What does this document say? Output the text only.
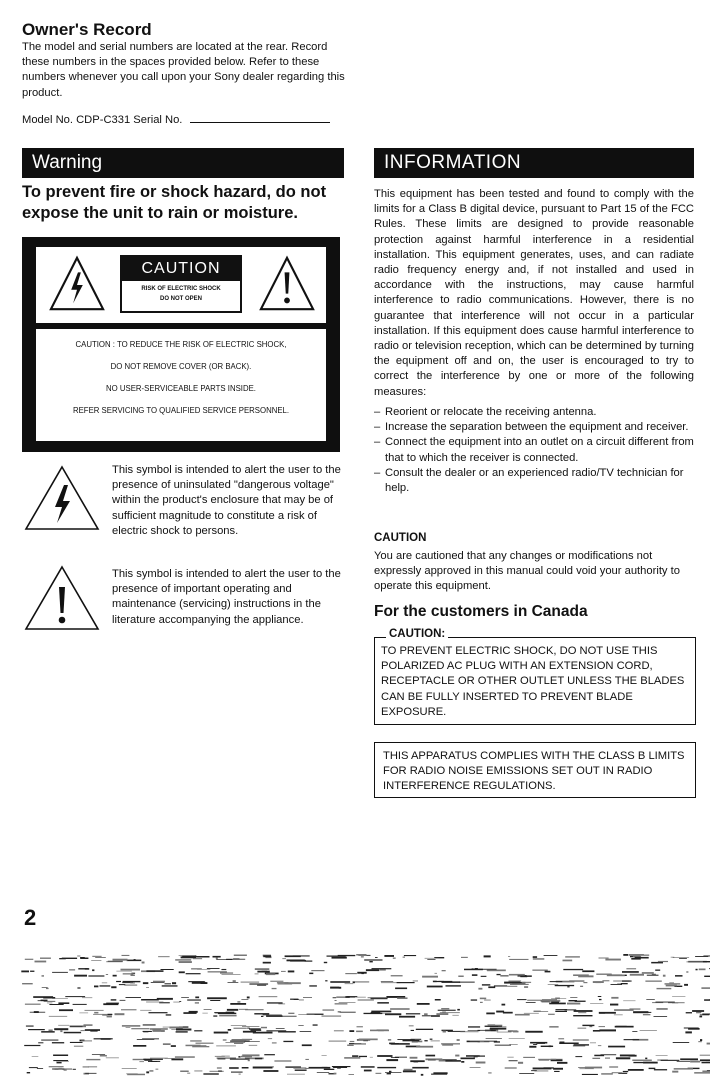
Owner's Record
The model and serial numbers are located at the rear. Record these numbers in the spaces provided below. Refer to these numbers whenever you call upon your Sony dealer regarding this product.
Model No. CDP-C331 Serial No.
Warning
To prevent fire or shock hazard, do not expose the unit to rain or moisture.
CAUTION
RISK OF ELECTRIC SHOCK
DO NOT OPEN
CAUTION : TO REDUCE THE RISK OF ELECTRIC SHOCK,
DO NOT REMOVE COVER (OR BACK).
NO USER-SERVICEABLE PARTS INSIDE.
REFER SERVICING TO QUALIFIED SERVICE PERSONNEL.
This symbol is intended to alert the user to the presence of uninsulated "dangerous voltage" within the product's enclosure that may be of sufficient magnitude to constitute a risk of electric shock to persons.
This symbol is intended to alert the user to the presence of important operating and maintenance (servicing) instructions in the literature accompanying the appliance.
INFORMATION
This equipment has been tested and found to comply with the limits for a Class B digital device, pursuant to Part 15 of the FCC Rules. These limits are designed to provide reasonable protection against harmful interference in a residential installation. This equipment generates, uses, and can radiate radio frequency energy and, if not installed and used in accordance with the instructions, may cause harmful interference to radio communications. However, there is no guarantee that interference will not occur in a particular installation. If this equipment does cause harmful interference to radio or television reception, which can be determined by turning the equipment off and on, the user is encouraged to try to correct the interference by one or more of the following measures:
– Reorient or relocate the receiving antenna.
– Increase the separation between the equipment and receiver.
– Connect the equipment into an outlet on a circuit different from that to which the receiver is connected.
– Consult the dealer or an experienced radio/TV technician for help.
CAUTION
You are cautioned that any changes or modifications not expressly approved in this manual could void your authority to operate this equipment.
For the customers in Canada
TO PREVENT ELECTRIC SHOCK, DO NOT USE THIS POLARIZED AC PLUG WITH AN EXTENSION CORD, RECEPTACLE OR OTHER OUTLET UNLESS THE BLADES CAN BE FULLY INSERTED TO PREVENT BLADE EXPOSURE.
CAUTION:
THIS APPARATUS COMPLIES WITH THE CLASS B LIMITS FOR RADIO NOISE EMISSIONS SET OUT IN RADIO INTERFERENCE REGULATIONS.
2
